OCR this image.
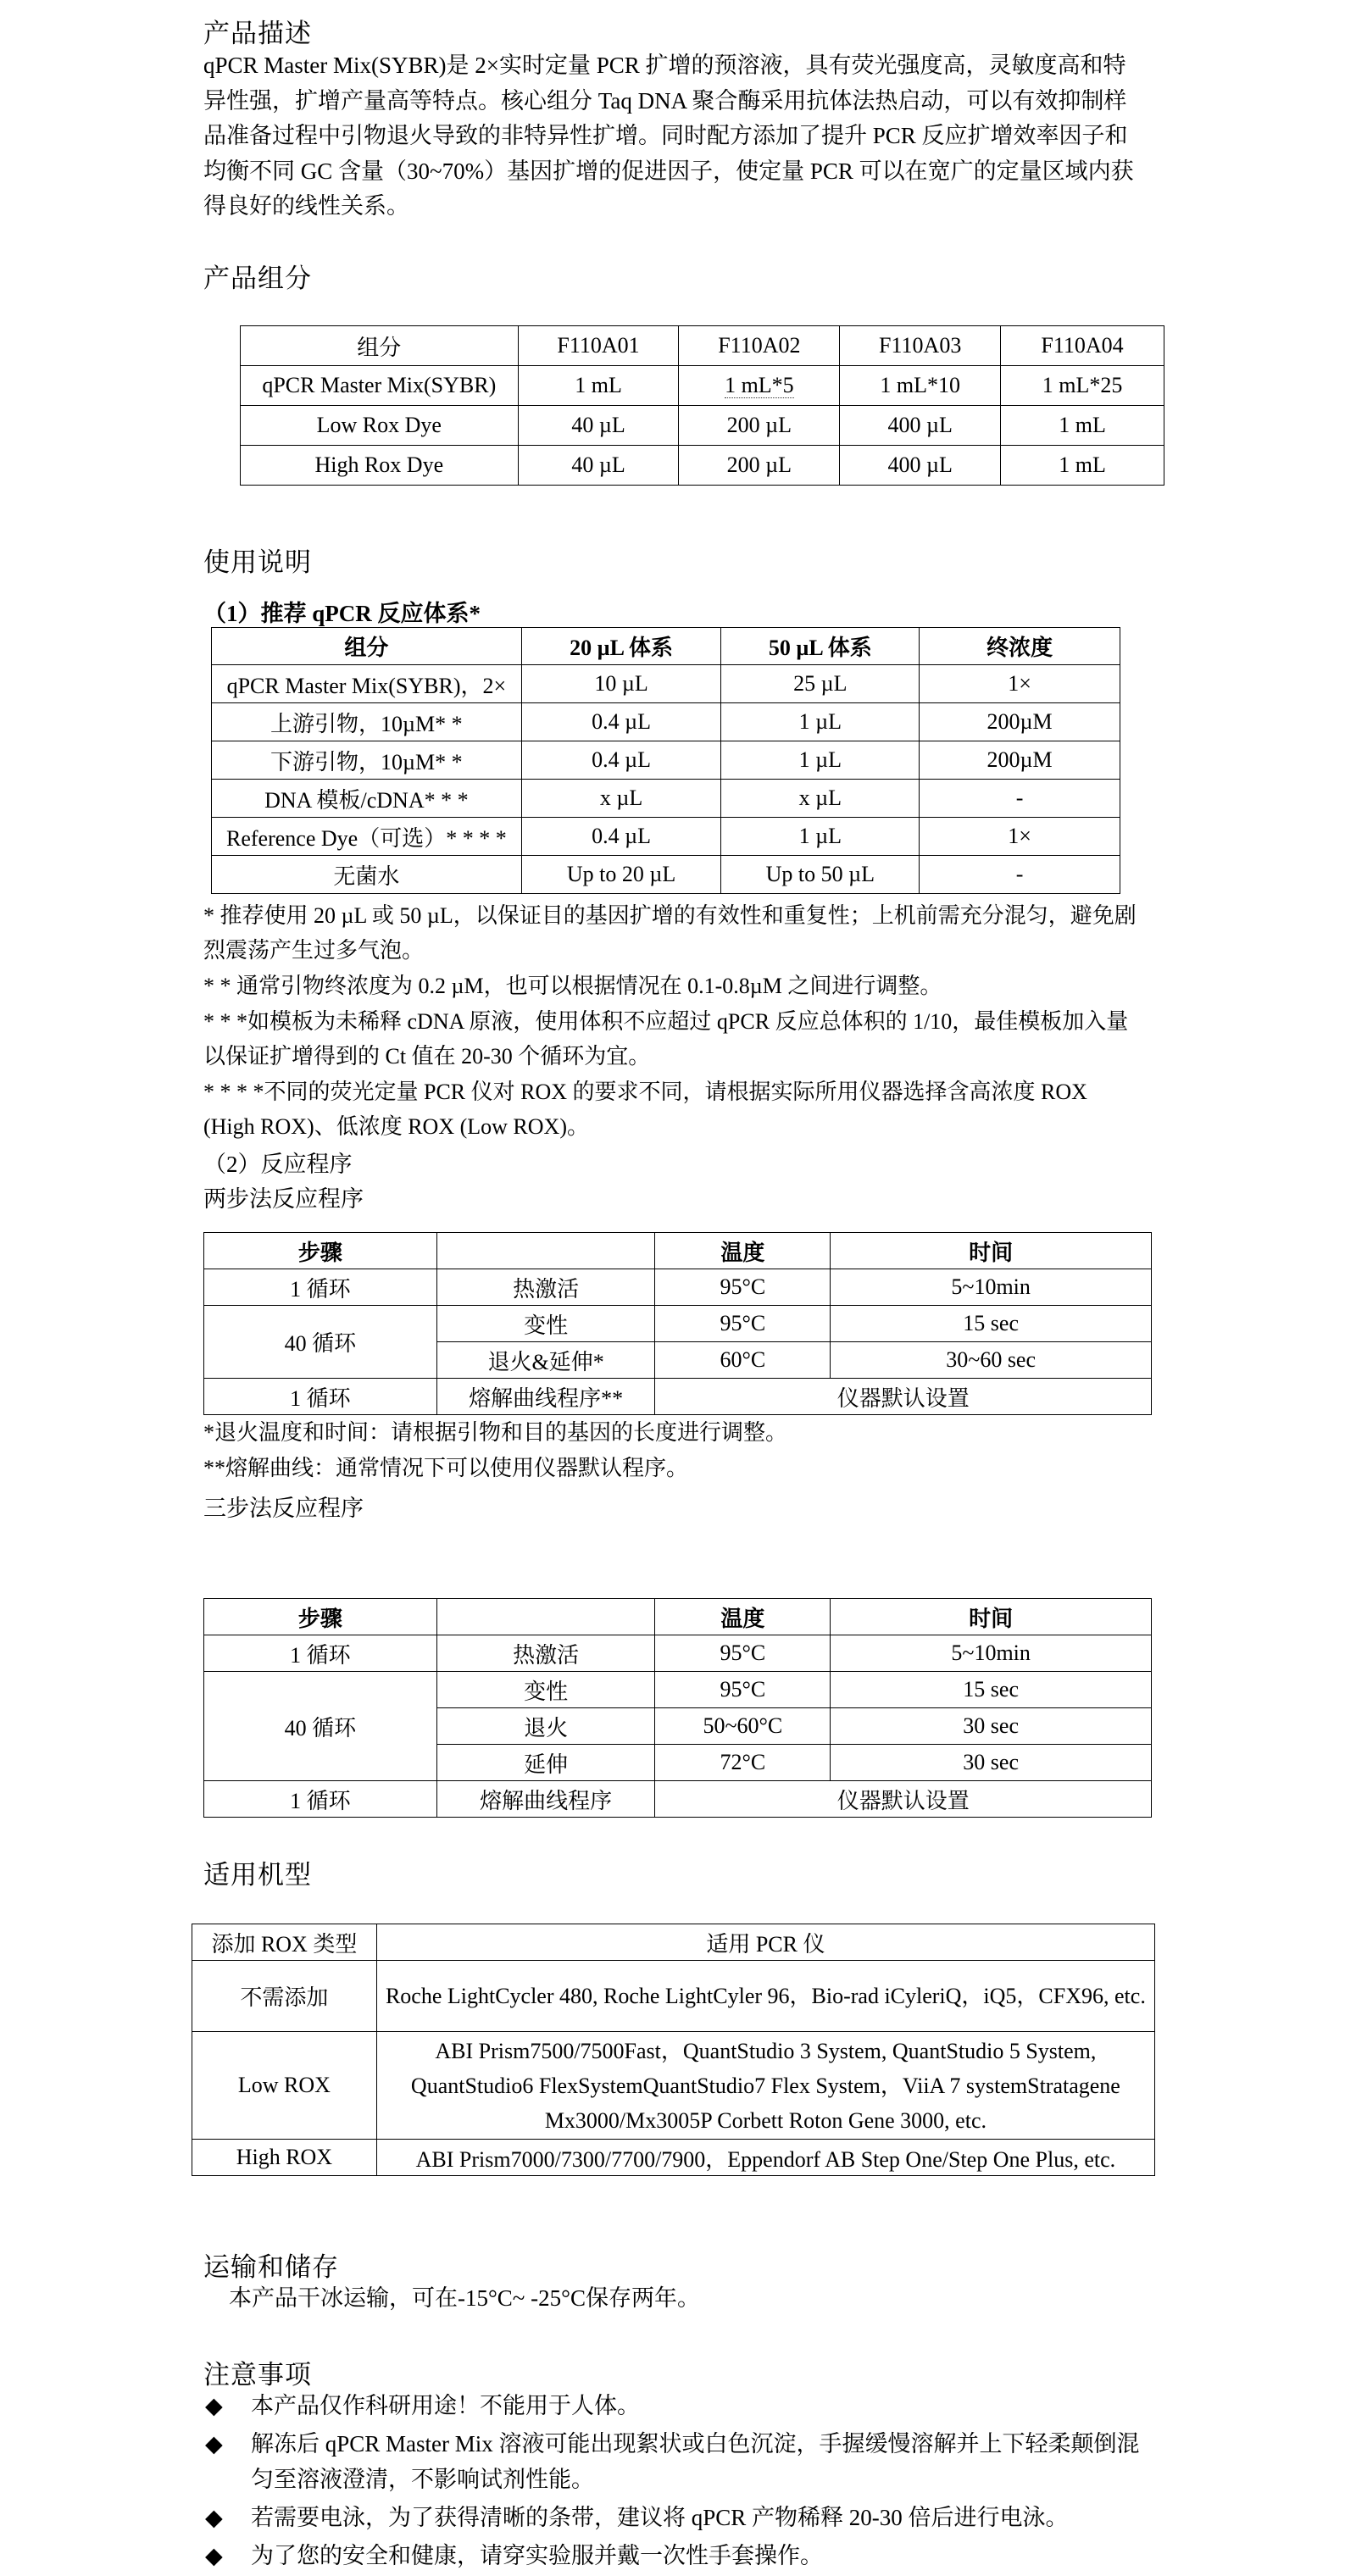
产品描述

qPCR Master Mix(SYBR)是 2×实时定量 PCR 扩增的预溶液，具有荧光强度高，灵敏度高和特异性强，扩增产量高等特点。核心组分 Taq DNA 聚合酶采用抗体法热启动，可以有效抑制样品准备过程中引物退火导致的非特异性扩增。同时配方添加了提升 PCR 反应扩增效率因子和均衡不同 GC 含量（30~70%）基因扩增的促进因子，使定量 PCR 可以在宽广的定量区域内获得良好的线性关系。

产品组分
组分	F110A01	F110A02	F110A03	F110A04
qPCR Master Mix(SYBR)	1 mL	1 mL*5	1 mL*10	1 mL*25
Low Rox Dye	40 µL	200 µL	400 µL	1 mL
High Rox Dye	40 µL	200 µL	400 µL	1 mL
使用说明
（1）推荐 qPCR 反应体系*
组分	20 µL 体系	50 µL 体系	终浓度
qPCR Master Mix(SYBR)，2×	10 µL	25 µL	1×
上游引物，10µM* *	0.4 µL	1 µL	200µM
下游引物，10µM* *	0.4 µL	1 µL	200µM
DNA 模板/cDNA* * *	x µL	x µL	-
Reference Dye（可选）* * * *	0.4 µL	1 µL	1×
无菌水	Up to 20 µL	Up to 50 µL	-

* 推荐使用 20 µL 或 50 µL，以保证目的基因扩增的有效性和重复性；上机前需充分混匀，避免剧烈震荡产生过多气泡。

* * 通常引物终浓度为 0.2 µM，也可以根据情况在 0.1-0.8µM 之间进行调整。

* * *如模板为未稀释 cDNA 原液，使用体积不应超过 qPCR 反应总体积的 1/10，最佳模板加入量以保证扩增得到的 Ct 值在 20-30 个循环为宜。

* * * *不同的荧光定量 PCR 仪对 ROX 的要求不同，请根据实际所用仪器选择含高浓度 ROX (High ROX)、低浓度 ROX (Low ROX)。

（2）反应程序
两步法反应程序
步骤		温度	时间
1 循环	热激活	95°C	5~10min
40 循环	变性	95°C	15 sec
	退火&延伸*	60°C	30~60 sec
1 循环	熔解曲线程序**	仪器默认设置	

*退火温度和时间：请根据引物和目的基因的长度进行调整。

**熔解曲线：通常情况下可以使用仪器默认程序。

三步法反应程序
步骤		温度	时间
1 循环	热激活	95°C	5~10min
40 循环	变性	95°C	15 sec
	退火	50~60°C	30 sec
	延伸	72°C	30 sec
1 循环	熔解曲线程序	仪器默认设置	
适用机型
添加 ROX 类型	适用 PCR 仪
不需添加	Roche LightCycler 480, Roche LightCyler 96，Bio-rad iCyleriQ，iQ5，CFX96, etc.
Low ROX	ABI Prism7500/7500Fast，QuantStudio 3 System, QuantStudio 5 System, QuantStudio6 FlexSystemQuantStudio7 Flex System，ViiA 7 systemStratagene Mx3000/Mx3005P Corbett Roton Gene 3000, etc.
High ROX	ABI Prism7000/7300/7700/7900，Eppendorf AB Step One/Step One Plus, etc.
运输和储存
本产品干冰运输，可在-15°C~ -25°C保存两年。
注意事项
◆ 本产品仅作科研用途！不能用于人体。
◆ 解冻后 qPCR Master Mix 溶液可能出现絮状或白色沉淀，手握缓慢溶解并上下轻柔颠倒混匀至溶液澄清，不影响试剂性能。
◆ 若需要电泳，为了获得清晰的条带，建议将 qPCR 产物稀释 20-30 倍后进行电泳。
◆ 为了您的安全和健康，请穿实验服并戴一次性手套操作。
